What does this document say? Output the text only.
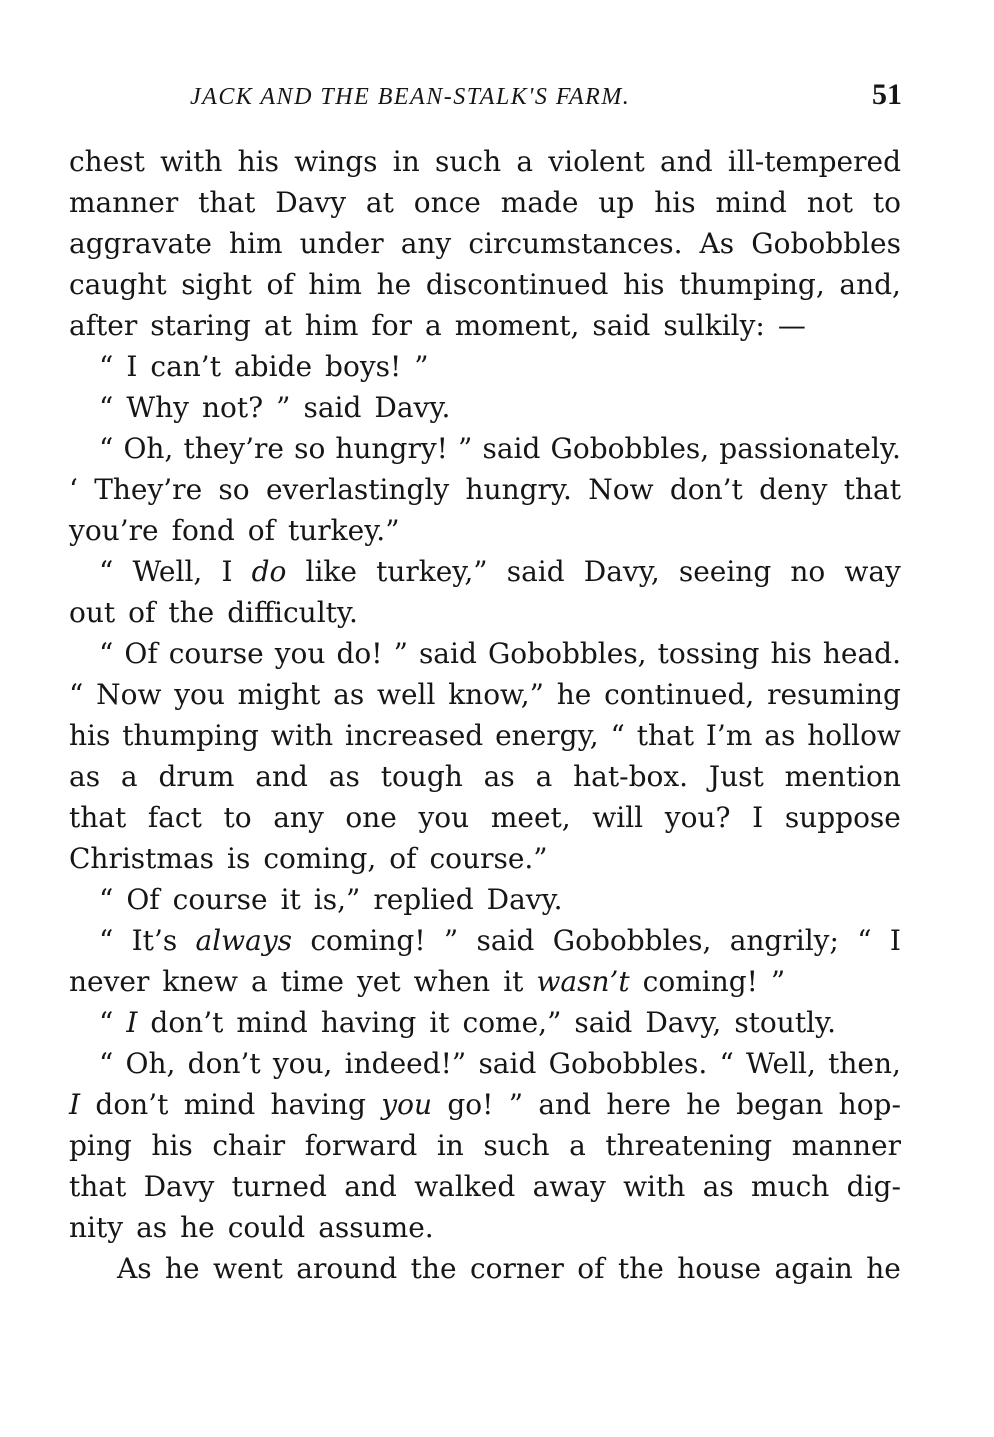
JACK AND THE BEAN-STALK'S FARM.	51
chest with his wings in such a violent and ill-tempered
manner that Davy at once made up his mind not to
aggravate him under any circumstances. As Gobobbles
caught sight of him he discontinued his thumping, and,
after staring at him for a moment, said sulkily: —
“ I can’t abide boys! ”
“ Why not? ” said Davy.
“ Oh, they’re so hungry! ” said Gobobbles, passionately.
‘ They’re so everlastingly hungry. Now don’t deny that
you’re fond of turkey.”
“ Well, I do like turkey,” said Davy, seeing no way
out of the difficulty.
“ Of course you do! ” said Gobobbles, tossing his head.
“ Now you might as well know,” he continued, resuming
his thumping with increased energy, “ that I’m as hollow
as a drum and as tough as a hat-box. Just mention
that fact to any one you meet, will you? I suppose
Christmas is coming, of course.”
“ Of course it is,” replied Davy.
“ It’s always coming! ” said Gobobbles, angrily; “ I
never knew a time yet when it wasn’t coming! ”
“ I don’t mind having it come,” said Davy, stoutly.
“ Oh, don’t you, indeed!” said Gobobbles. “ Well, then,
I don’t mind having you go! ” and here he began hop-
ping his chair forward in such a threatening manner
that Davy turned and walked away with as much dig-
nity as he could assume.
As he went around the corner of the house again he
